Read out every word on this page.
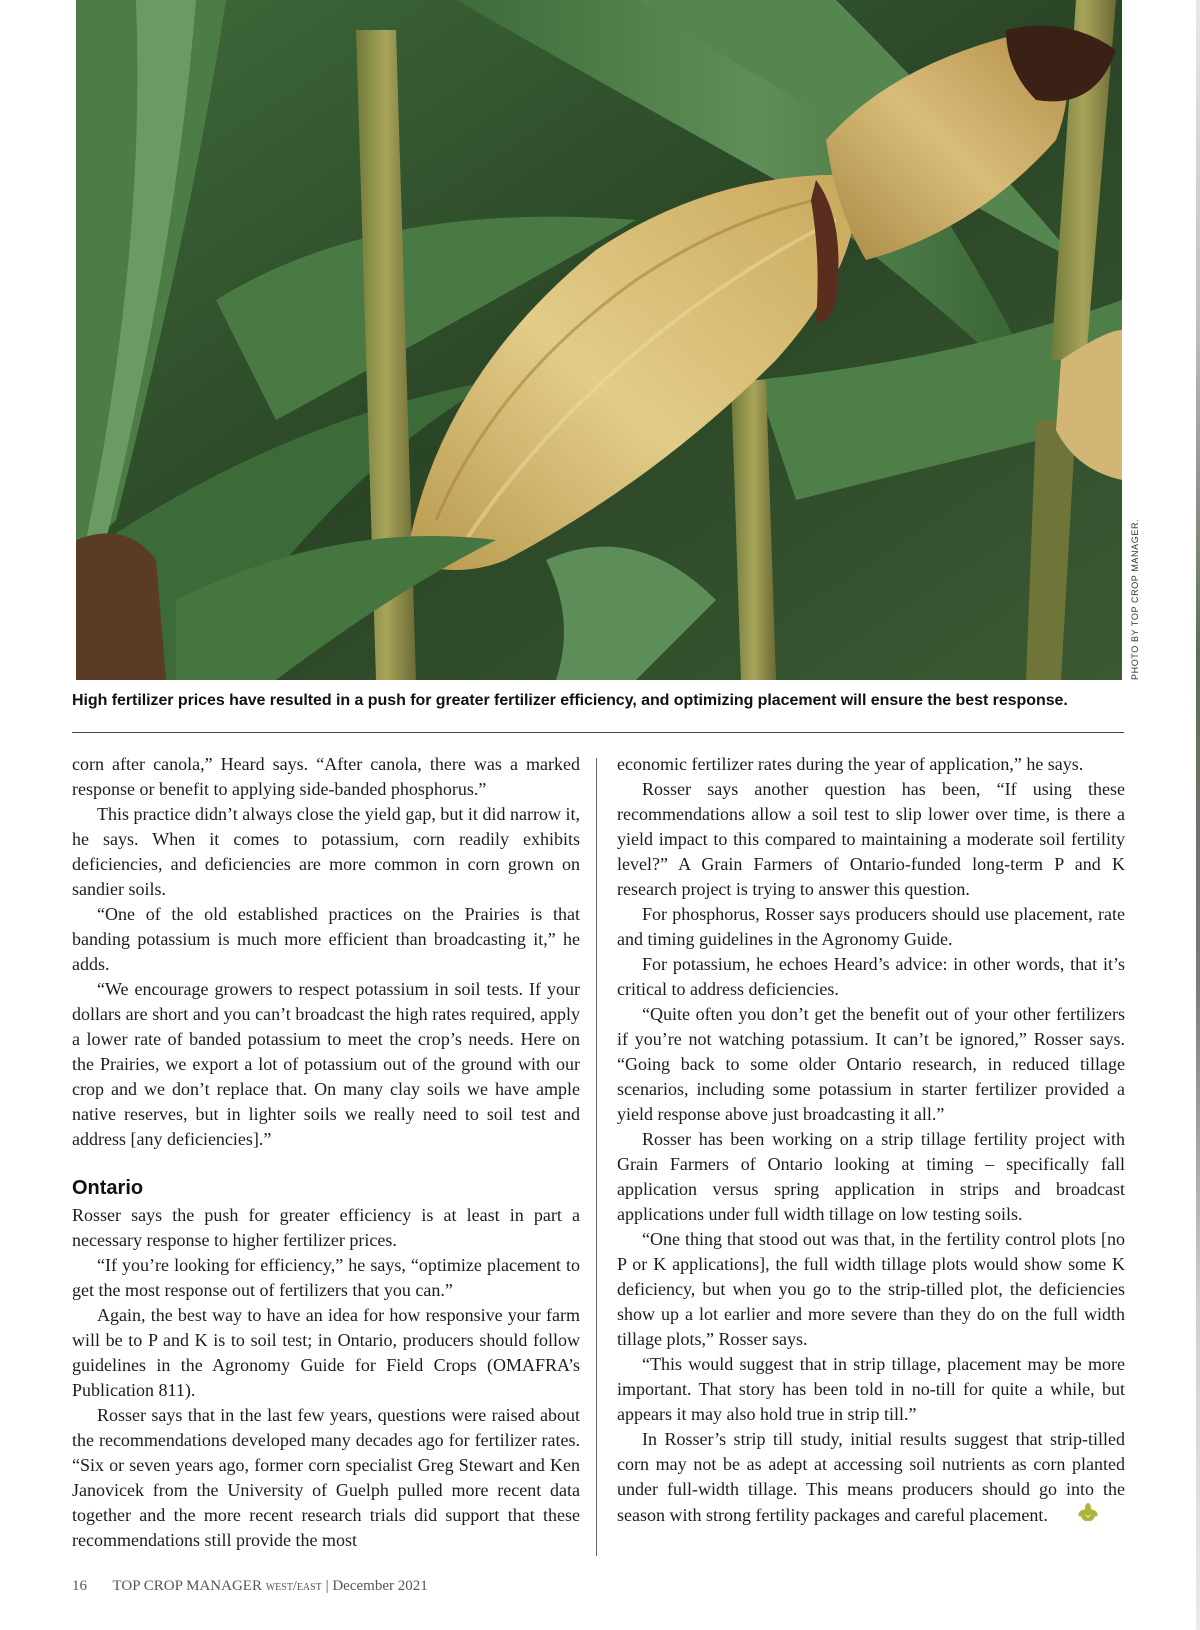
PHOTO BY TOP CROP MANAGER.
High fertilizer prices have resulted in a push for greater fertilizer efficiency, and optimizing placement will ensure the best response.

corn after canola,” Heard says. “After canola, there was a marked response or benefit to applying side-banded phosphorus.”

This practice didn’t always close the yield gap, but it did narrow it, he says. When it comes to potassium, corn readily exhibits deficiencies, and deficiencies are more common in corn grown on sandier soils.

“One of the old established practices on the Prairies is that banding potassium is much more efficient than broadcasting it,” he adds.

“We encourage growers to respect potassium in soil tests. If your dollars are short and you can’t broadcast the high rates required, apply a lower rate of banded potassium to meet the crop’s needs. Here on the Prairies, we export a lot of potassium out of the ground with our crop and we don’t replace that. On many clay soils we have ample native reserves, but in lighter soils we really need to soil test and address [any deficiencies].”

Ontario

Rosser says the push for greater efficiency is at least in part a necessary response to higher fertilizer prices.

“If you’re looking for efficiency,” he says, “optimize placement to get the most response out of fertilizers that you can.”

Again, the best way to have an idea for how responsive your farm will be to P and K is to soil test; in Ontario, producers should follow guidelines in the Agronomy Guide for Field Crops (OMAFRA’s Publication 811).

Rosser says that in the last few years, questions were raised about the recommendations developed many decades ago for fertilizer rates. “Six or seven years ago, former corn specialist Greg Stewart and Ken Janovicek from the University of Guelph pulled more recent data together and the more recent research trials did support that these recommendations still provide the most

economic fertilizer rates during the year of application,” he says.

Rosser says another question has been, “If using these recommendations allow a soil test to slip lower over time, is there a yield impact to this compared to maintaining a moderate soil fertility level?” A Grain Farmers of Ontario-funded long-term P and K research project is trying to answer this question.

For phosphorus, Rosser says producers should use placement, rate and timing guidelines in the Agronomy Guide.

For potassium, he echoes Heard’s advice: in other words, that it’s critical to address deficiencies.

“Quite often you don’t get the benefit out of your other fertilizers if you’re not watching potassium. It can’t be ignored,” Rosser says. “Going back to some older Ontario research, in reduced tillage scenarios, including some potassium in starter fertilizer provided a yield response above just broadcasting it all.”

Rosser has been working on a strip tillage fertility project with Grain Farmers of Ontario looking at timing – specifically fall application versus spring application in strips and broadcast applications under full width tillage on low testing soils.

“One thing that stood out was that, in the fertility control plots [no P or K applications], the full width tillage plots would show some K deficiency, but when you go to the strip-tilled plot, the deficiencies show up a lot earlier and more severe than they do on the full width tillage plots,” Rosser says.

“This would suggest that in strip tillage, placement may be more important. That story has been told in no-till for quite a while, but appears it may also hold true in strip till.”

In Rosser’s strip till study, initial results suggest that strip-tilled corn may not be as adept at accessing soil nutrients as corn planted under full-width tillage. This means producers should go into the season with strong fertility packages and careful placement.

16 TOP CROP MANAGER west/east | December 2021
